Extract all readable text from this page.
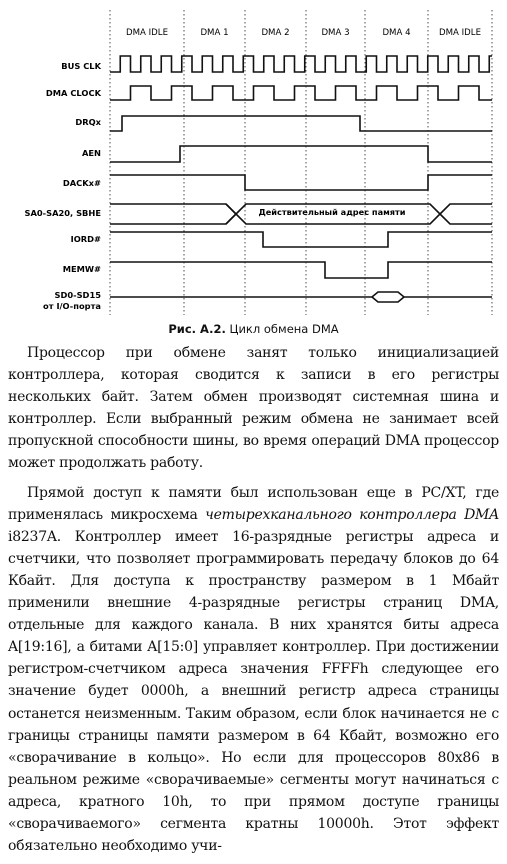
DMA IDLE	DMA 1	DMA 2	DMA 3	DMA 4	DMA IDLE
BUS CLK
DMA CLOCK
DRQx
AEN
DACKx#
SA0-SA20, SBHE
IORD#
MEMW#
SD0-SD15
от I/O-порта
Действительный адрес памяти
Рис. A.2. Цикл обмена DMA

Процессор при обмене занят только инициализацией контроллера, которая сводится к записи в его регистры нескольких байт. Затем обмен производят системная шина и контроллер. Если выбранный режим обмена не занимает всей пропускной способности шины, во время операций DMA процессор может продолжать работу.

Прямой доступ к памяти был использован еще в PC/XT, где применялась микросхема четырехканального контроллера DMA i8237A. Контроллер имеет 16-разрядные регистры адреса и счетчики, что позволяет программировать передачу блоков до 64 Кбайт. Для доступа к пространству размером в 1 Мбайт применили внешние 4-разрядные регистры страниц DMA, отдельные для каждого канала. В них хранятся биты адреса A[19:16], а битами A[15:0] управляет контроллер. При достижении регистром-счетчиком адреса значения FFFFh следующее его значение будет 0000h, а внешний регистр адреса страницы останется неизменным. Таким образом, если блок начинается не с границы страницы памяти размером в 64 Кбайт, возможно его «сворачивание в кольцо». Но если для процессоров 80x86 в реальном режиме «сворачиваемые» сегменты могут начинаться с адреса, кратного 10h, то при прямом доступе границы «сворачиваемого» сегмента кратны 10000h. Этот эффект обязательно необходимо учи-
